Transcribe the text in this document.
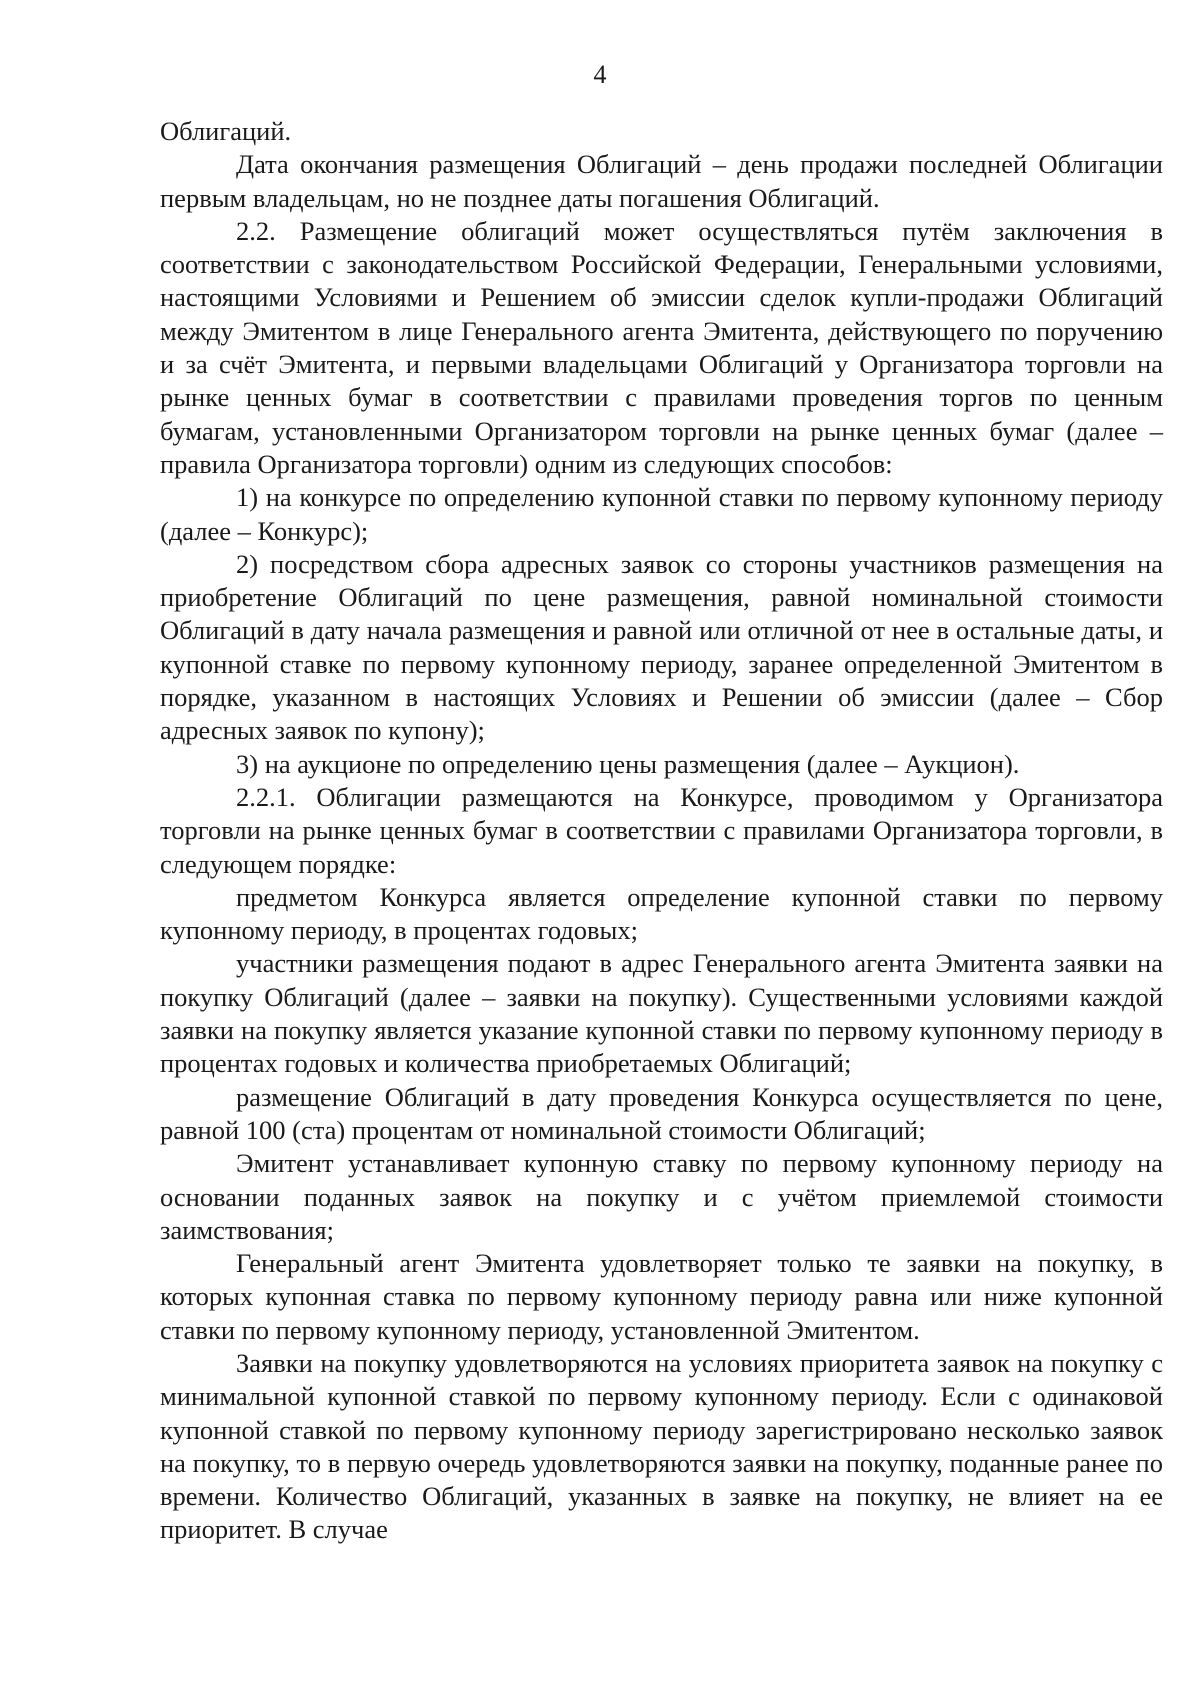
4

Облигаций.

Дата окончания размещения Облигаций – день продажи последней Облигации первым владельцам, но не позднее даты погашения Облигаций.

2.2. Размещение облигаций может осуществляться путём заключения в соответствии с законодательством Российской Федерации, Генеральными условиями, настоящими Условиями и Решением об эмиссии сделок купли-продажи Облигаций между Эмитентом в лице Генерального агента Эмитента, действующего по поручению и за счёт Эмитента, и первыми владельцами Облигаций у Организатора торговли на рынке ценных бумаг в соответствии с правилами проведения торгов по ценным бумагам, установленными Организатором торговли на рынке ценных бумаг (далее – правила Организатора торговли) одним из следующих способов:

1) на конкурсе по определению купонной ставки по первому купонному периоду (далее – Конкурс);

2) посредством сбора адресных заявок со стороны участников размещения на приобретение Облигаций по цене размещения, равной номинальной стоимости Облигаций в дату начала размещения и равной или отличной от нее в остальные даты, и купонной ставке по первому купонному периоду, заранее определенной Эмитентом в порядке, указанном в настоящих Условиях и Решении об эмиссии (далее – Сбор адресных заявок по купону);

3) на аукционе по определению цены размещения (далее – Аукцион).

2.2.1. Облигации размещаются на Конкурсе, проводимом у Организатора торговли на рынке ценных бумаг в соответствии с правилами Организатора торговли, в следующем порядке:

предметом Конкурса является определение купонной ставки по первому купонному периоду, в процентах годовых;

участники размещения подают в адрес Генерального агента Эмитента заявки на покупку Облигаций (далее – заявки на покупку). Существенными условиями каждой заявки на покупку является указание купонной ставки по первому купонному периоду в процентах годовых и количества приобретаемых Облигаций;

размещение Облигаций в дату проведения Конкурса осуществляется по цене, равной 100 (ста) процентам от номинальной стоимости Облигаций;

Эмитент устанавливает купонную ставку по первому купонному периоду на основании поданных заявок на покупку и с учётом приемлемой стоимости заимствования;

Генеральный агент Эмитента удовлетворяет только те заявки на покупку, в которых купонная ставка по первому купонному периоду равна или ниже купонной ставки по первому купонному периоду, установленной Эмитентом.

Заявки на покупку удовлетворяются на условиях приоритета заявок на покупку с минимальной купонной ставкой по первому купонному периоду. Если с одинаковой купонной ставкой по первому купонному периоду зарегистрировано несколько заявок на покупку, то в первую очередь удовлетворяются заявки на покупку, поданные ранее по времени. Количество Облигаций, указанных в заявке на покупку, не влияет на ее приоритет. В случае
